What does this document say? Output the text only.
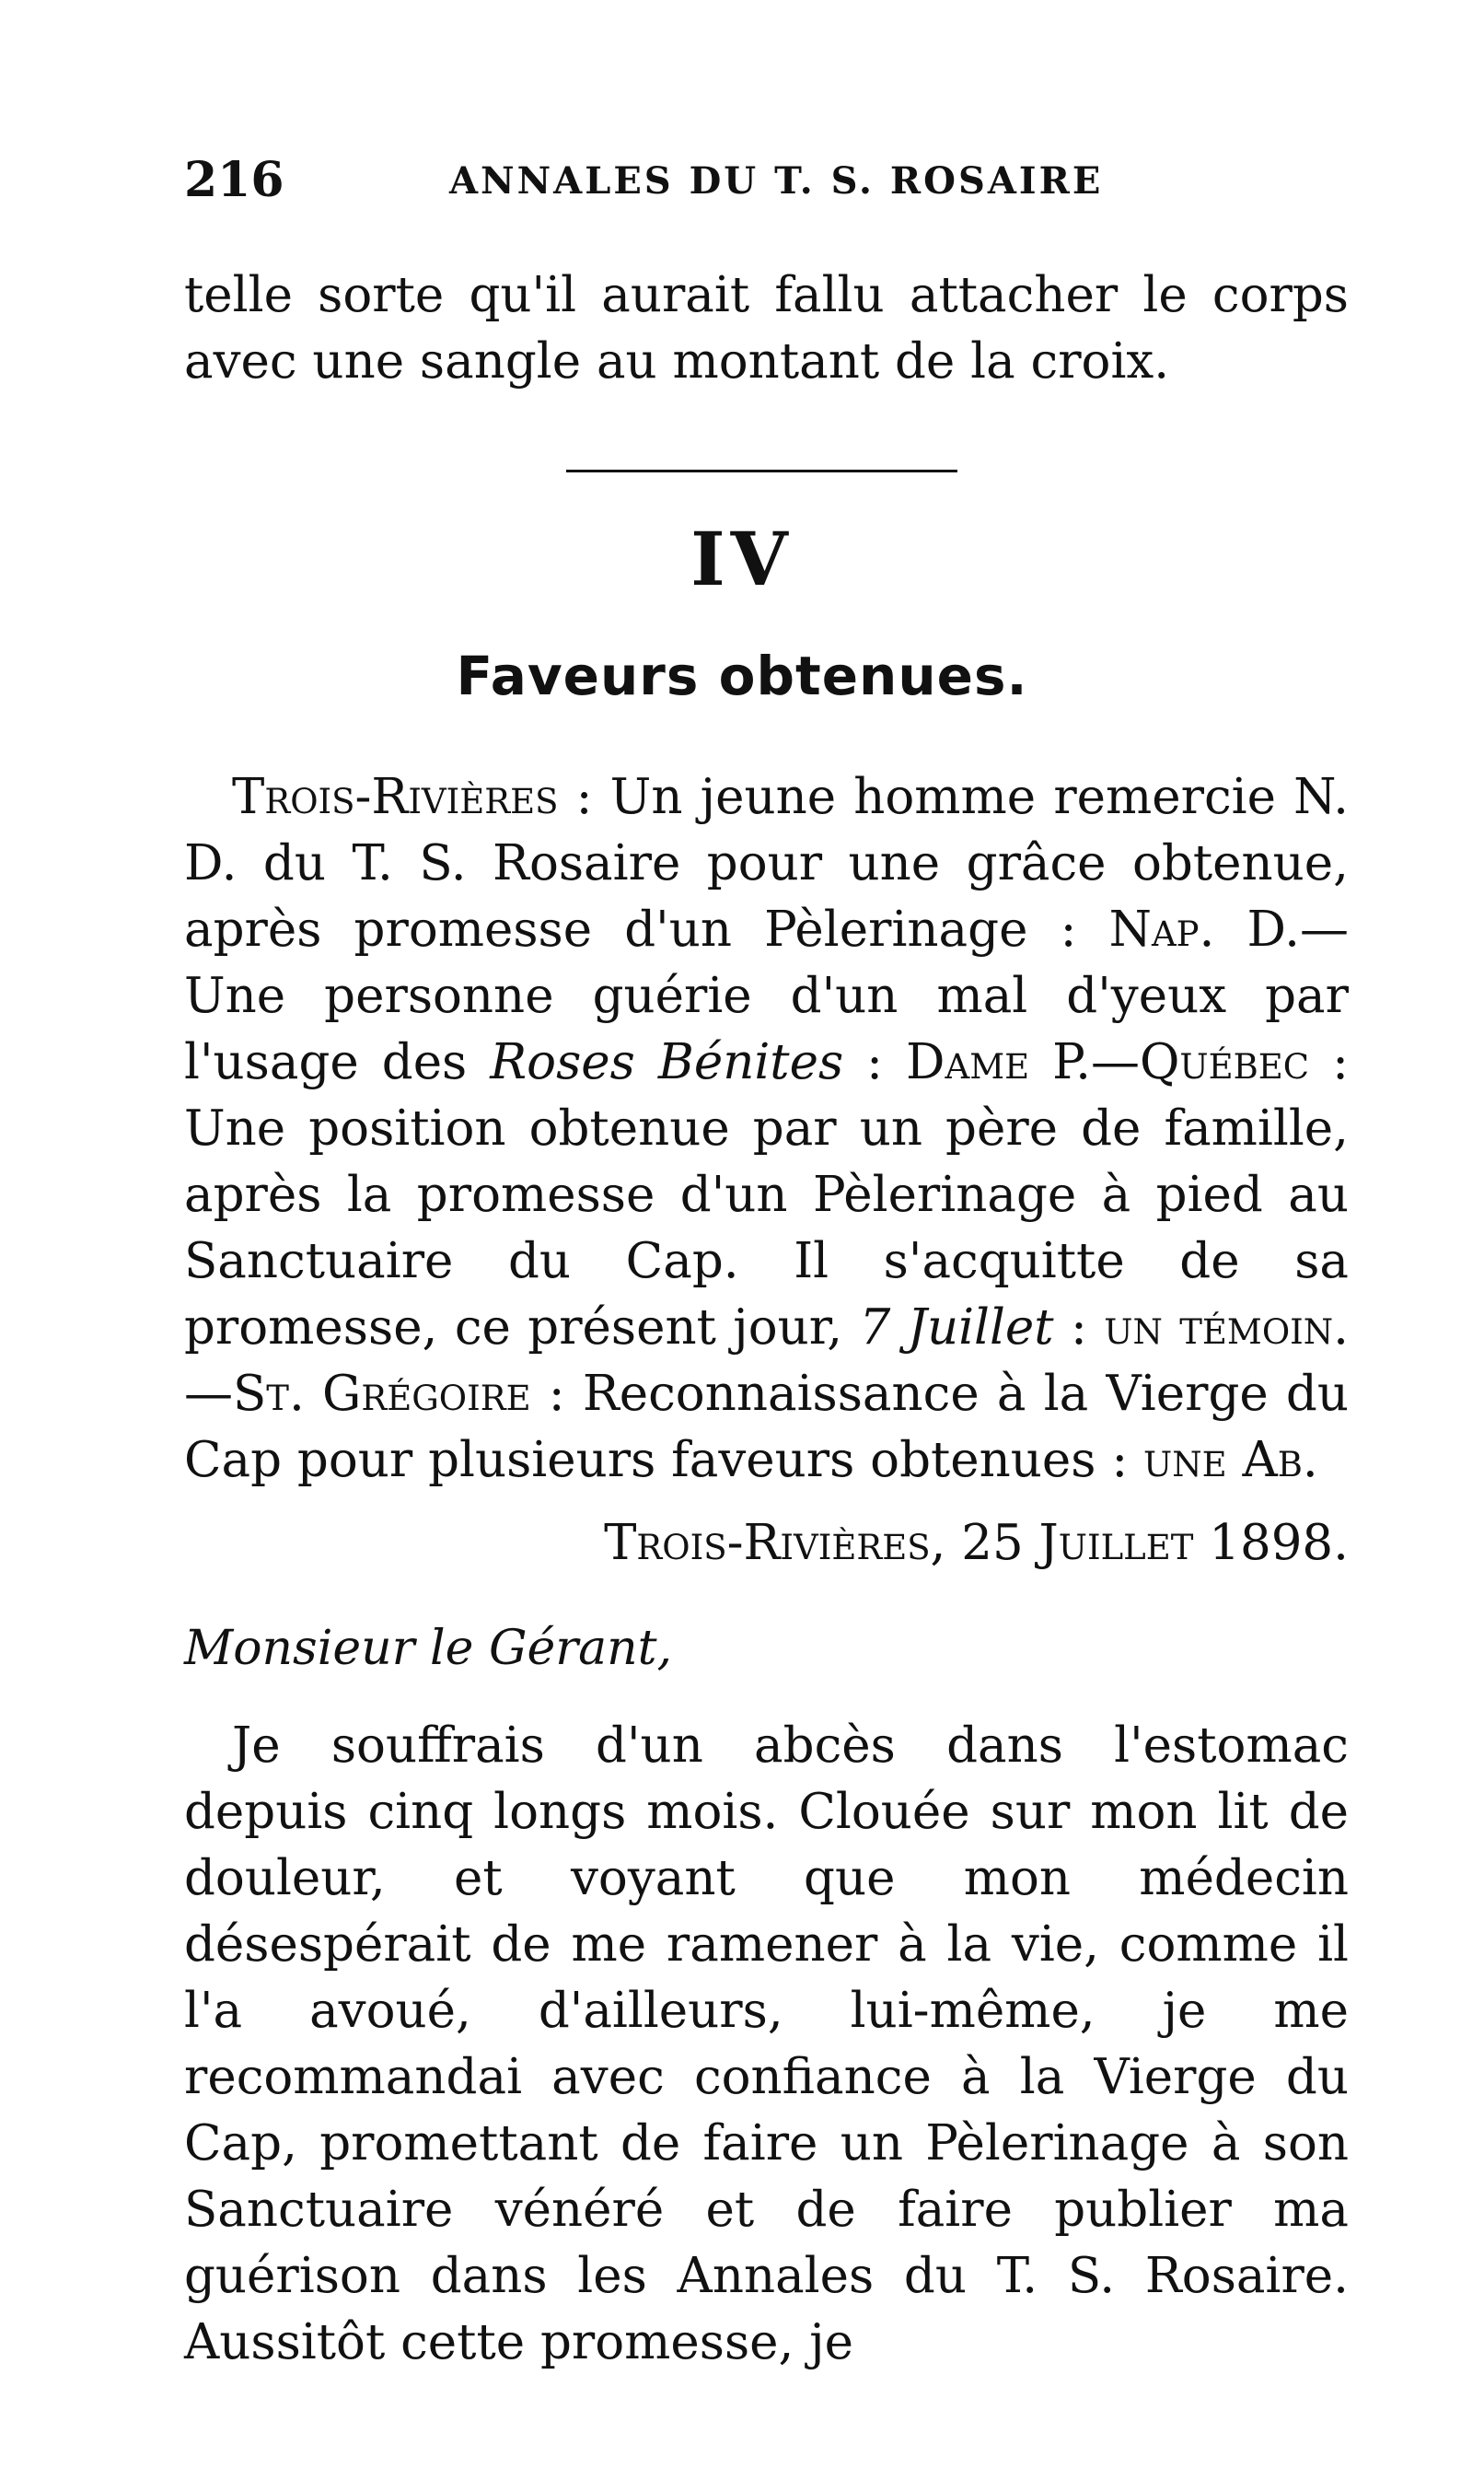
216	ANNALES DU T. S. ROSAIRE

telle sorte qu'il aurait fallu attacher le corps avec une sangle au montant de la croix.

IV
Faveurs obtenues.

Trois-Rivières : Un jeune homme remercie N. D. du T. S. Rosaire pour une grâce obtenue, après promesse d'un Pèlerinage : Nap. D.—Une personne guérie d'un mal d'yeux par l'usage des Roses Bénites : Dame P.—Québec : Une position obtenue par un père de famille, après la promesse d'un Pèlerinage à pied au Sanctuaire du Cap. Il s'acquitte de sa promesse, ce présent jour, 7 Juillet : un témoin.—St. Grégoire : Reconnaissance à la Vierge du Cap pour plusieurs faveurs obtenues : une Ab.

Trois-Rivières, 25 Juillet 1898.
Monsieur le Gérant,

Je souffrais d'un abcès dans l'estomac depuis cinq longs mois. Clouée sur mon lit de douleur, et voyant que mon médecin désespérait de me ramener à la vie, comme il l'a avoué, d'ailleurs, lui-même, je me recommandai avec confiance à la Vierge du Cap, promettant de faire un Pèlerinage à son Sanctuaire vénéré et de faire publier ma guérison dans les Annales du T. S. Rosaire. Aussitôt cette promesse, je
